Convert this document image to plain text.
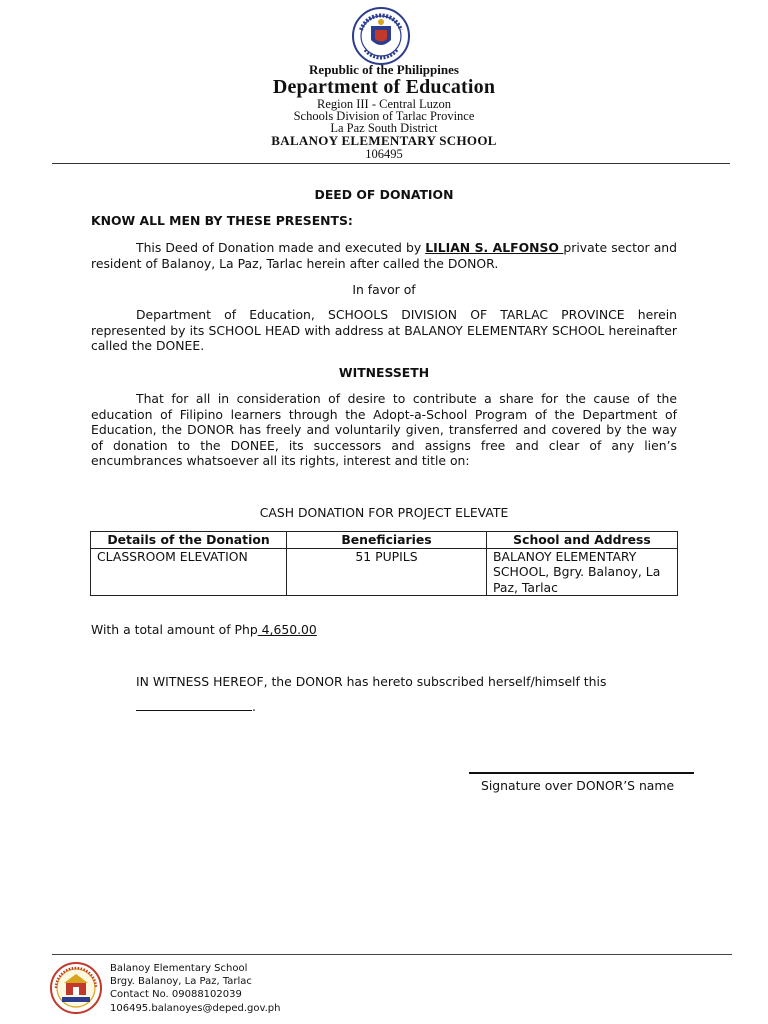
Republic of the Philippines
Department of Education
Region III - Central Luzon
Schools Division of Tarlac Province
La Paz South District
BALANOY ELEMENTARY SCHOOL
106495
DEED OF DONATION
KNOW ALL MEN BY THESE PRESENTS:
This Deed of Donation made and executed by LILIAN S. ALFONSO private sector and resident of Balanoy, La Paz, Tarlac herein after called the DONOR.
In favor of
Department of Education, SCHOOLS DIVISION OF TARLAC PROVINCE herein represented by its SCHOOL HEAD with address at BALANOY ELEMENTARY SCHOOL hereinafter called the DONEE.
WITNESSETH
That for all in consideration of desire to contribute a share for the cause of the education of Filipino learners through the Adopt-a-School Program of the Department of Education, the DONOR has freely and voluntarily given, transferred and covered by the way of donation to the DONEE, its successors and assigns free and clear of any lien’s encumbrances whatsoever all its rights, interest and title on:
CASH DONATION FOR PROJECT ELEVATE
Details of the Donation	Beneficiaries	School and Address
CLASSROOM ELEVATION	51 PUPILS	BALANOY ELEMENTARY SCHOOL, Bgry. Balanoy, La Paz, Tarlac
With a total amount of Php 4,650.00
IN WITNESS HEREOF, the DONOR has hereto subscribed herself/himself this
.
Signature over DONOR’S name
Balanoy Elementary School
Brgy. Balanoy, La Paz, Tarlac
Contact No. 09088102039
106495.balanoyes@deped.gov.ph
